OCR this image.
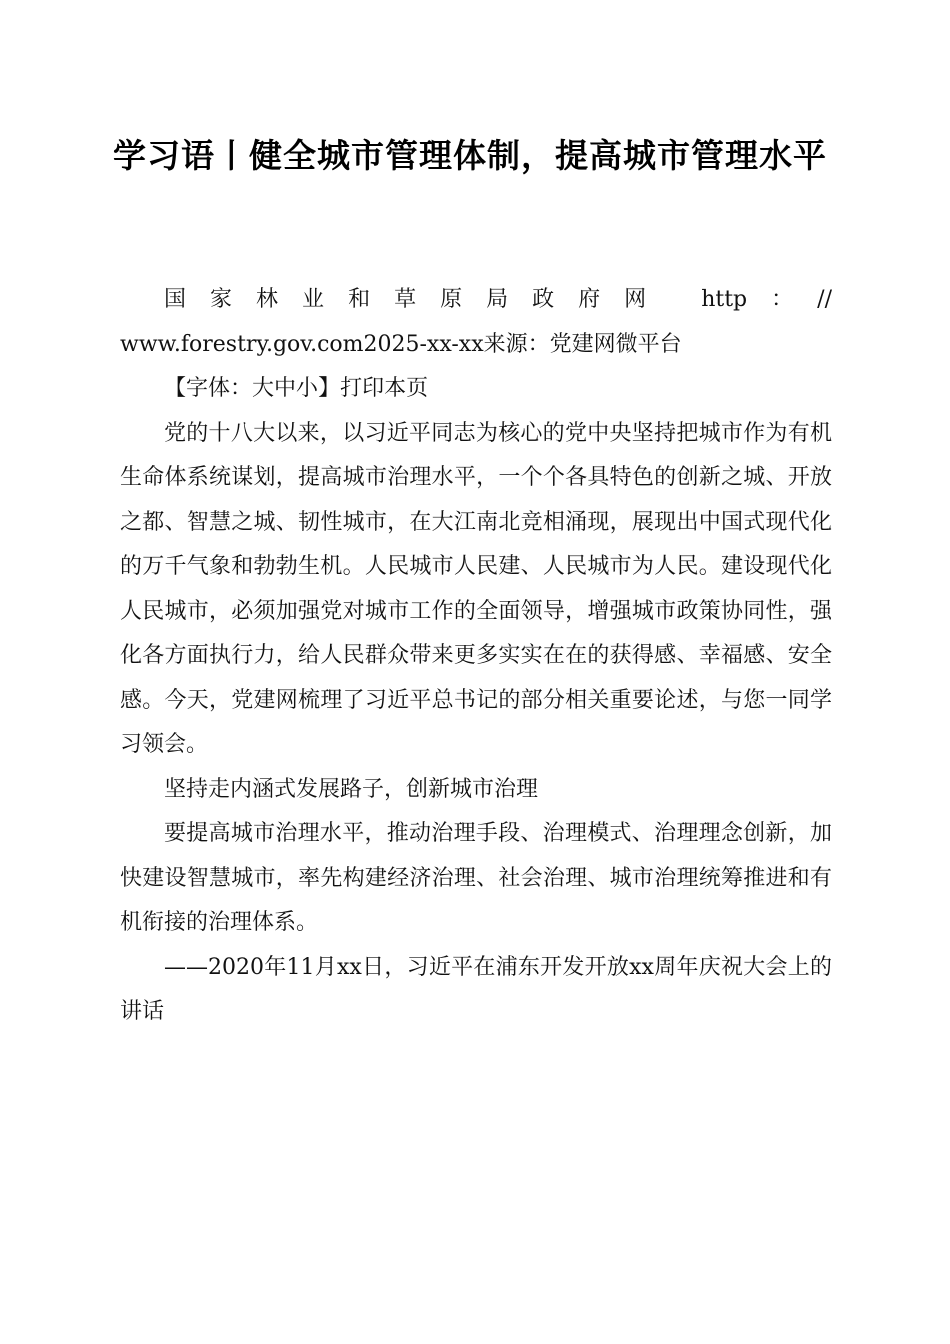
学习语丨健全城市管理体制，提高城市管理水平

国家林业和草原局政府网 http：//

www.forestry.gov.com2025-xx-xx来源：党建网微平台

【字体：大中小】打印本页

党的十八大以来，以习近平同志为核心的党中央坚持把城市作为有机生命体系统谋划，提高城市治理水平，一个个各具特色的创新之城、开放之都、智慧之城、韧性城市，在大江南北竞相涌现，展现出中国式现代化的万千气象和勃勃生机。人民城市人民建、人民城市为人民。建设现代化人民城市，必须加强党对城市工作的全面领导，增强城市政策协同性，强化各方面执行力，给人民群众带来更多实实在在的获得感、幸福感、安全感。今天，党建网梳理了习近平总书记的部分相关重要论述，与您一同学习领会。

坚持走内涵式发展路子，创新城市治理

要提高城市治理水平，推动治理手段、治理模式、治理理念创新，加快建设智慧城市，率先构建经济治理、社会治理、城市治理统筹推进和有机衔接的治理体系。

——2020年11月xx日，习近平在浦东开发开放xx周年庆祝大会上的讲话
